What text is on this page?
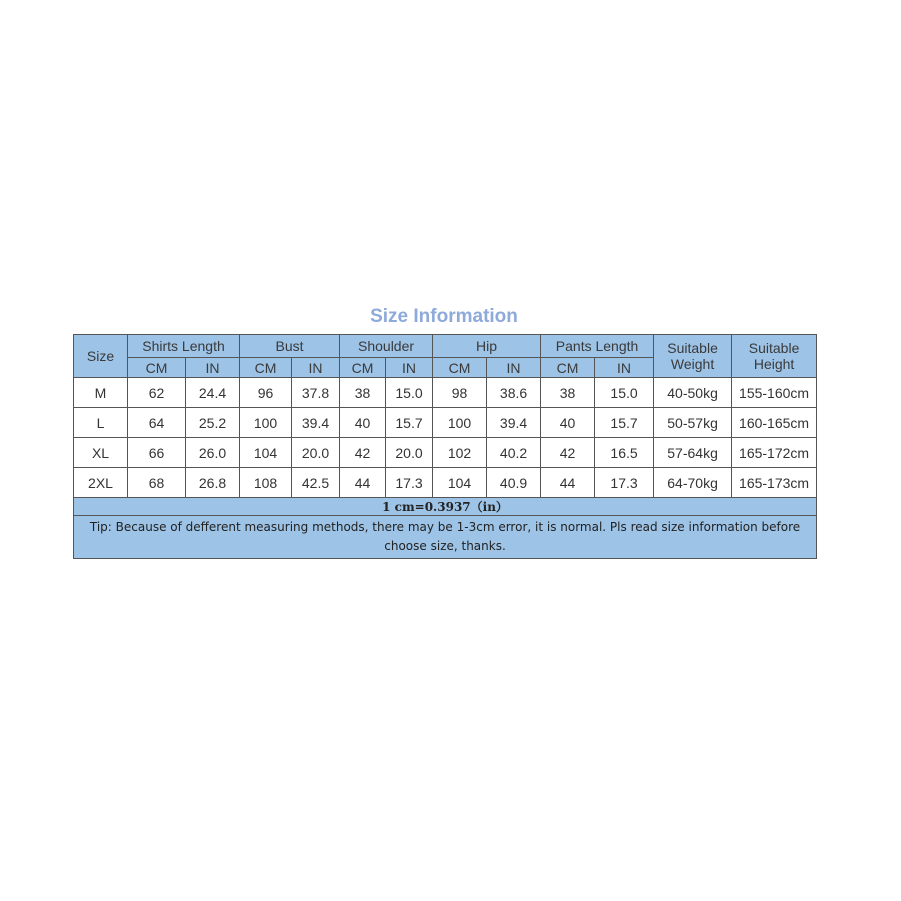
Size Information
Size	Shirts Length		Bust		Shoulder		Hip		Pants Length		Suitable Weight	Suitable Height
	CM	IN	CM	IN	CM	IN	CM	IN	CM	IN		
M	62	24.4	96	37.8	38	15.0	98	38.6	38	15.0	40-50kg	155-160cm
L	64	25.2	100	39.4	40	15.7	100	39.4	40	15.7	50-57kg	160-165cm
XL	66	26.0	104	20.0	42	20.0	102	40.2	42	16.5	57-64kg	165-172cm
2XL	68	26.8	108	42.5	44	17.3	104	40.9	44	17.3	64-70kg	165-173cm
1 cm=0.3937（in）												
Tip: Because of defferent measuring methods, there may be 1-3cm error, it is normal. Pls read size information before choose size, thanks.												
